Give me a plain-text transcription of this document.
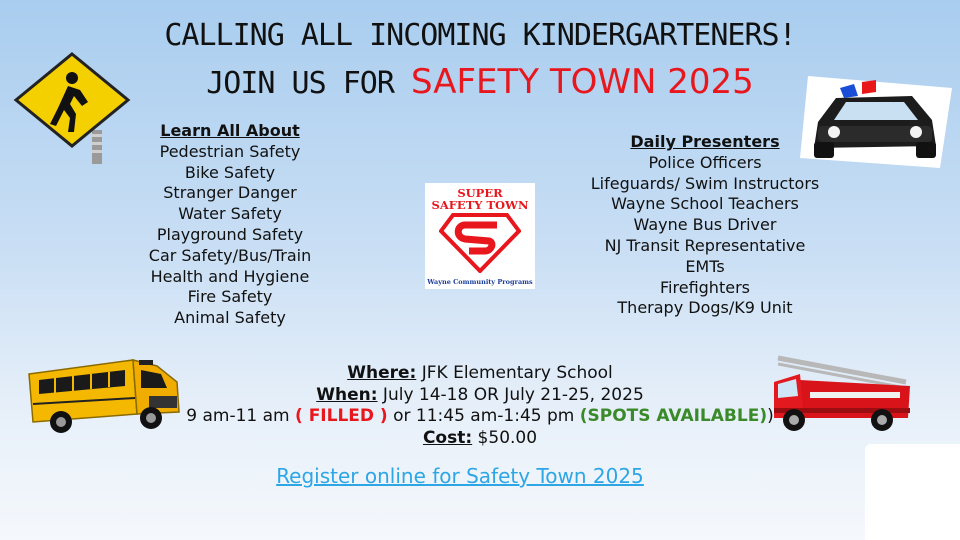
CALLING ALL INCOMING KINDERGARTENERS!
JOIN US FOR SAFETY TOWN 2025
Learn All About
Pedestrian Safety
Bike Safety
Stranger Danger
Water Safety
Playground Safety
Car Safety/Bus/Train
Health and Hygiene
Fire Safety
Animal Safety
SUPER
SAFETY TOWN
Wayne Community Programs
Daily Presenters
Police Officers
Lifeguards/ Swim Instructors
Wayne School Teachers
Wayne Bus Driver
NJ Transit Representative
EMTs
Firefighters
Therapy Dogs/K9 Unit
Where: JFK Elementary School
When: July 14-18 OR July 21-25, 2025
9 am-11 am ( FILLED ) or 11:45 am-1:45 pm (SPOTS AVAILABLE))
Cost: $50.00
Register online for Safety Town 2025
